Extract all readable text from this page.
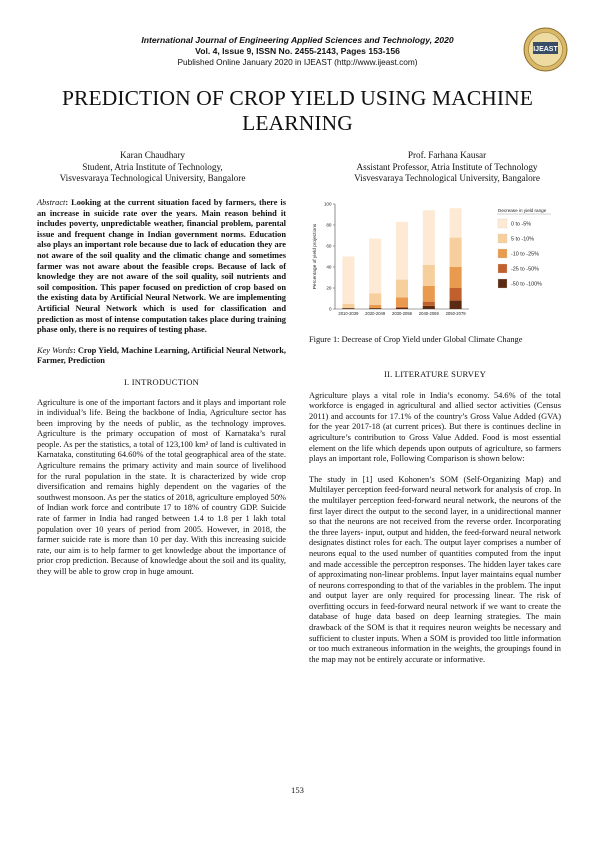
International Journal of Engineering Applied Sciences and Technology, 2020
Vol. 4, Issue 9, ISSN No. 2455-2143, Pages 153-156
Published Online January 2020 in IJEAST (http://www.ijeast.com)
IJEAST
PREDICTION OF CROP YIELD USING MACHINE LEARNING
Karan Chaudhary
Student, Atria Institute of Technology,
Visvesvaraya Technological University, Bangalore
Prof. Farhana Kausar
Assistant Professor, Atria Institute of Technology
Visvesvaraya Technological University, Bangalore

Abstract: Looking at the current situation faced by farmers, there is an increase in suicide rate over the years. Main reason behind it includes poverty, unpredictable weather, financial problem, parental issue and frequent change in Indian government norms. Education also plays an important role because due to lack of education they are not aware of the soil quality and the climatic change and sometimes farmer was not aware about the feasible crops. Because of lack of knowledge they are not aware of the soil quality, soil nutrients and soil composition. This paper focused on prediction of crop based on the existing data by Artificial Neural Network. We are implementing Artificial Neural Network which is used for classification and prediction as most of intense computation takes place during training phase only, there is no requires of testing phase.

Key Words: Crop Yield, Machine Learning, Artificial Neural Network, Farmer, Prediction

I. INTRODUCTION

Agriculture is one of the important factors and it plays and important role in individual’s life. Being the backbone of India, Agriculture sector has been improving by the needs of public, as the technology improves. Agriculture is the primary occupation of most of Karnataka’s rural people. As per the statistics, a total of 123,100 km² of land is cultivated in Karnataka, constituting 64.60% of the total geographical area of the state. Agriculture remains the primary activity and main source of livelihood for the rural population in the state. It is characterized by wide crop diversification and remains highly dependent on the vagaries of the southwest monsoon. As per the statics of 2018, agriculture employed 50% of Indian work force and contribute 17 to 18% of country GDP. Suicide rate of farmer in India had ranged between 1.4 to 1.8 per 1 lakh total population over 10 years of period from 2005. However, in 2018, the farmer suicide rate is more than 10 per day. With this increasing suicide rate, our aim is to help farmer to get knowledge about the importance of prior crop prediction. Because of knowledge about the soil and its quality, they will be able to grow crop in huge amount.

0
20
40
60
80
100
Percentage of yield projections
2010-2039 2020-2049 2030-2059 2040-2069 2050-2079
Decrease in yield range
0 to -5%
5 to -10%
-10 to -25%
-25 to -50%
-50 to -100%
Figure 1: Decrease of Crop Yield under Global Climate Change
II. LITERATURE SURVEY

Agriculture plays a vital role in India’s economy. 54.6% of the total workforce is engaged in agricultural and allied sector activities (Census 2011) and accounts for 17.1% of the country’s Gross Value Added (GVA) for the year 2017-18 (at current prices). But there is continues decline in agriculture’s contribution to Gross Value Added. Food is most essential element on the life which depends upon outputs of agriculture, so farmers plays an important role, Following Comparison is shown below:

The study in [1] used Kohonen’s SOM (Self-Organizing Map) and Multilayer perception feed-forward neural network for analysis of crop. In the multilayer perception feed-forward neural network, the neurons of the first layer direct the output to the second layer, in a unidirectional manner so that the neurons are not received from the reverse order. Incorporating the three layers- input, output and hidden, the feed-forward neural network designates distinct roles for each. The output layer comprises a number of neurons equal to the used number of quantities computed from the input and made accessible the perceptron responses. The hidden layer takes care of approximating non-linear problems. Input layer maintains equal number of neurons corresponding to that of the variables in the problem. The input and output layer are only required for processing linear. The risk of overfitting occurs in feed-forward neural network if we want to create the database of huge data based on deep learning strategies. The main drawback of the SOM is that it requires neuron weights be necessary and sufficient to cluster inputs. When a SOM is provided too little information or too much extraneous information in the weights, the groupings found in the map may not be entirely accurate or informative.

153
